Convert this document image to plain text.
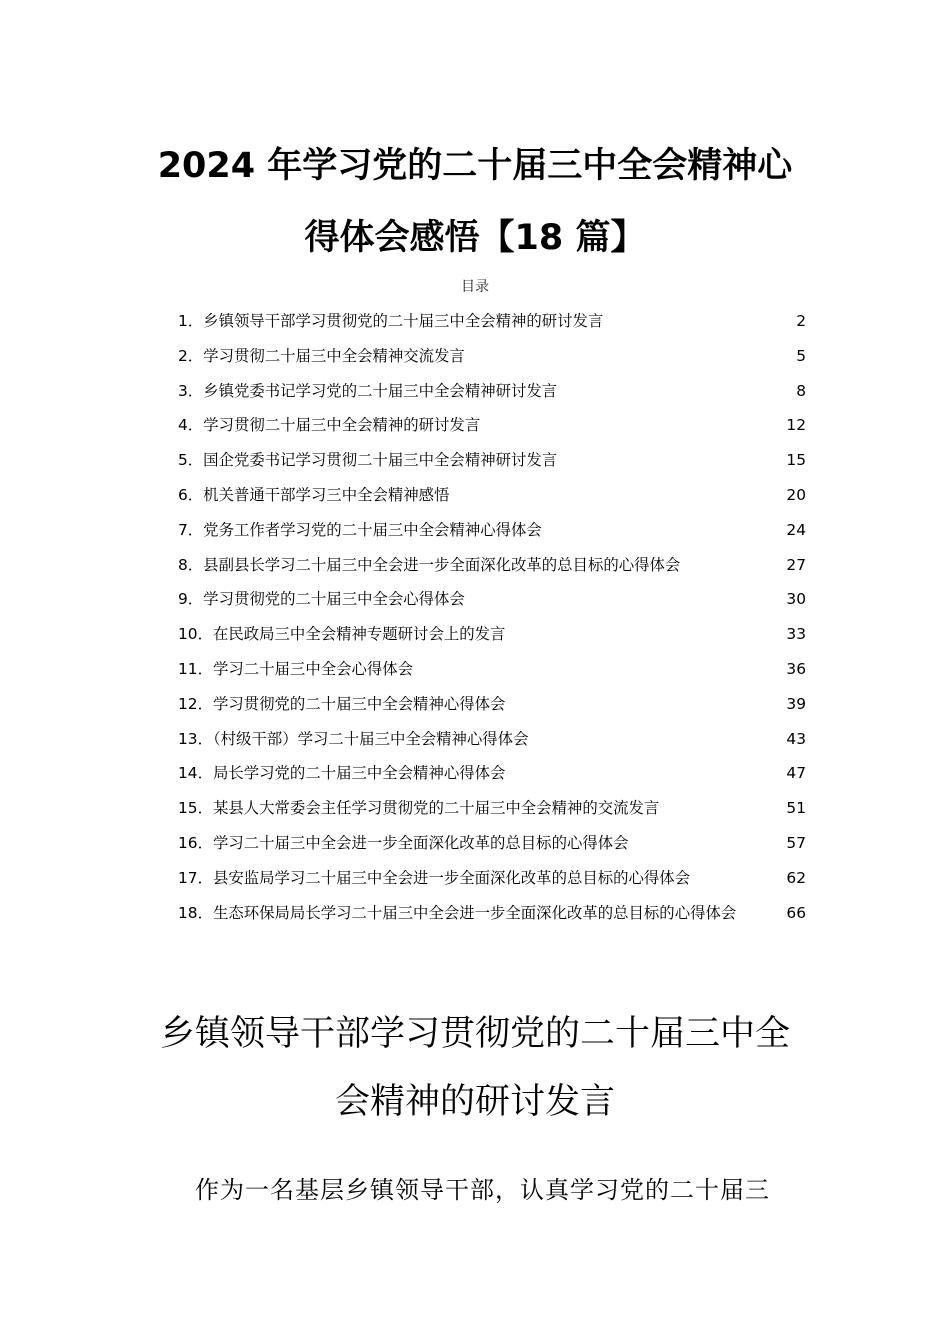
2024 年学习党的二十届三中全会精神心
得体会感悟【18 篇】
目录
1．乡镇领导干部学习贯彻党的二十届三中全会精神的研讨发言	2
2．学习贯彻二十届三中全会精神交流发言	5
3．乡镇党委书记学习党的二十届三中全会精神研讨发言	8
4．学习贯彻二十届三中全会精神的研讨发言	12
5．国企党委书记学习贯彻二十届三中全会精神研讨发言	15
6．机关普通干部学习三中全会精神感悟	20
7．党务工作者学习党的二十届三中全会精神心得体会	24
8．县副县长学习二十届三中全会进一步全面深化改革的总目标的心得体会	27
9．学习贯彻党的二十届三中全会心得体会	30
10．在民政局三中全会精神专题研讨会上的发言	33
11．学习二十届三中全会心得体会	36
12．学习贯彻党的二十届三中全会精神心得体会	39
13．（村级干部）学习二十届三中全会精神心得体会	43
14．局长学习党的二十届三中全会精神心得体会	47
15．某县人大常委会主任学习贯彻党的二十届三中全会精神的交流发言	51
16．学习二十届三中全会进一步全面深化改革的总目标的心得体会	57
17．县安监局学习二十届三中全会进一步全面深化改革的总目标的心得体会	62
18．生态环保局局长学习二十届三中全会进一步全面深化改革的总目标的心得体会	66
乡镇领导干部学习贯彻党的二十届三中全
会精神的研讨发言
作为一名基层乡镇领导干部，认真学习党的二十届三
